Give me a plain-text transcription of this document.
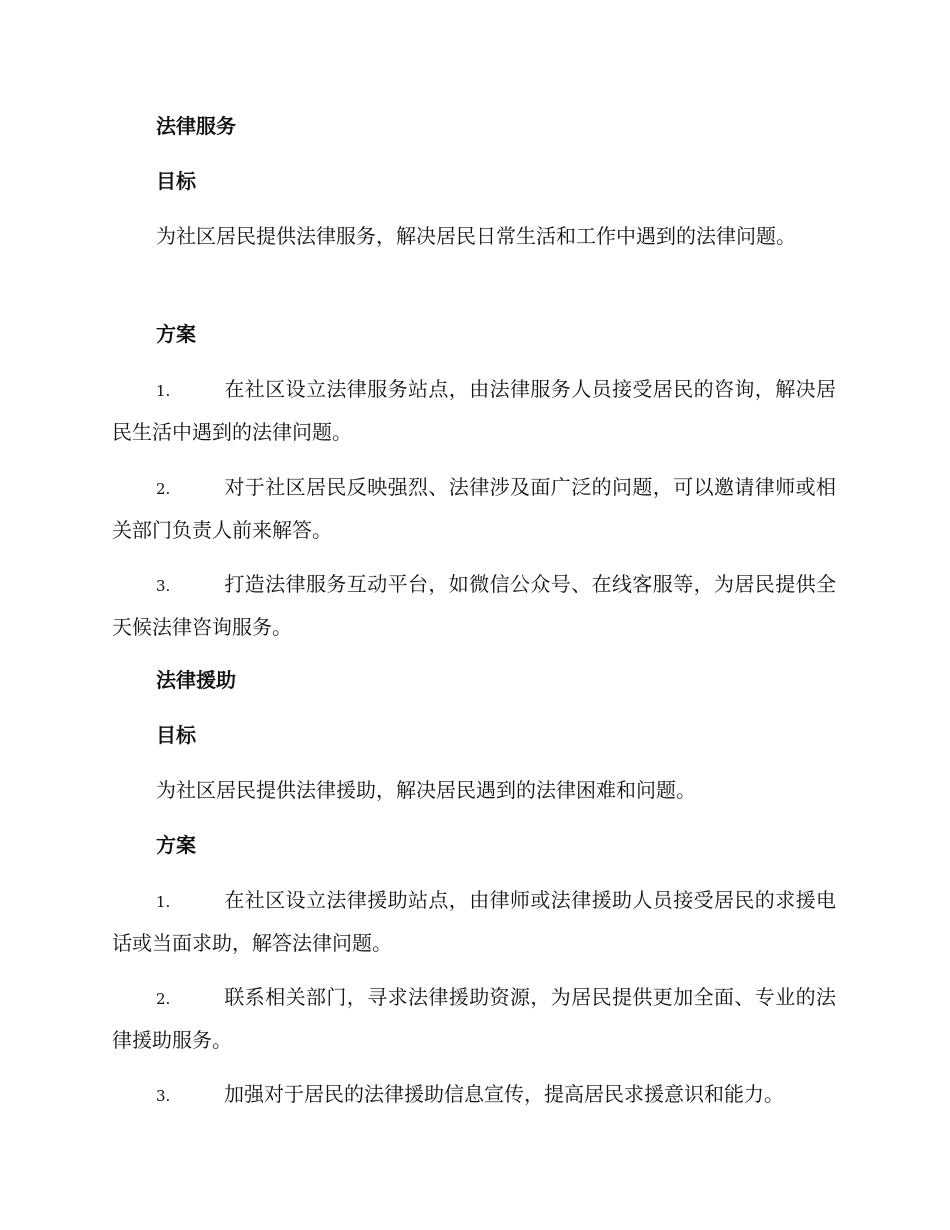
法律服务
目标
为社区居民提供法律服务，解决居民日常生活和工作中遇到的法律问题。
方案
1.	在社区设立法律服务站点，由法律服务人员接受居民的咨询，解决居民生活中遇到的法律问题。
2.	对于社区居民反映强烈、法律涉及面广泛的问题，可以邀请律师或相关部门负责人前来解答。
3.	打造法律服务互动平台，如微信公众号、在线客服等，为居民提供全天候法律咨询服务。
法律援助
目标
为社区居民提供法律援助，解决居民遇到的法律困难和问题。
方案
1.	在社区设立法律援助站点，由律师或法律援助人员接受居民的求援电话或当面求助，解答法律问题。
2.	联系相关部门，寻求法律援助资源，为居民提供更加全面、专业的法律援助服务。
3.	加强对于居民的法律援助信息宣传，提高居民求援意识和能力。
